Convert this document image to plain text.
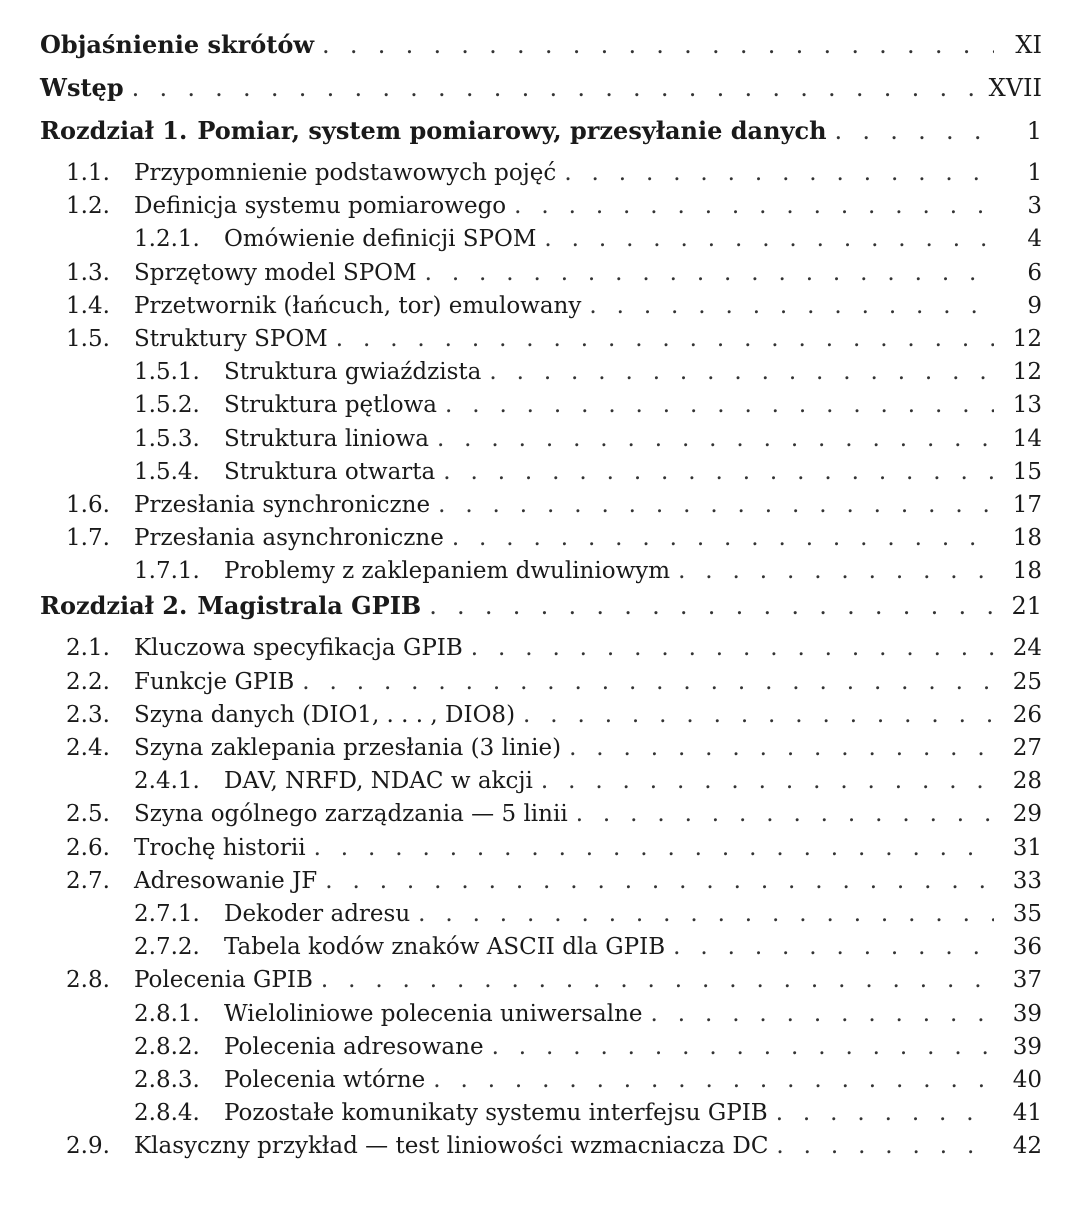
Objaśnienie skrótów . . .	XI
Wstęp . . .	XVII
Rozdział 1. Pomiar, system pomiarowy, przesyłanie danych . . .	1
1.1.	Przypomnienie podstawowych pojęć . . .	1
1.2.	Definicja systemu pomiarowego . . .	3
1.2.1.	Omówienie definicji SPOM . . .	4
1.3.	Sprzętowy model SPOM . . .	6
1.4.	Przetwornik (łańcuch, tor) emulowany . . .	9
1.5.	Struktury SPOM . . .	12
1.5.1.	Struktura gwiaździsta . . .	12
1.5.2.	Struktura pętlowa . . .	13
1.5.3.	Struktura liniowa . . .	14
1.5.4.	Struktura otwarta . . .	15
1.6.	Przesłania synchroniczne . . .	17
1.7.	Przesłania asynchroniczne . . .	18
1.7.1.	Problemy z zaklepaniem dwuliniowym . . .	18
Rozdział 2. Magistrala GPIB . . .	21
2.1.	Kluczowa specyfikacja GPIB . . .	24
2.2.	Funkcje GPIB . . .	25
2.3.	Szyna danych (DIO1, . . . , DIO8) . . .	26
2.4.	Szyna zaklepania przesłania (3 linie) . . .	27
2.4.1.	DAV, NRFD, NDAC w akcji . . .	28
2.5.	Szyna ogólnego zarządzania — 5 linii . . .	29
2.6.	Trochę historii . . .	31
2.7.	Adresowanie JF . . .	33
2.7.1.	Dekoder adresu . . .	35
2.7.2.	Tabela kodów znaków ASCII dla GPIB . . .	36
2.8.	Polecenia GPIB . . .	37
2.8.1.	Wieloliniowe polecenia uniwersalne . . .	39
2.8.2.	Polecenia adresowane . . .	39
2.8.3.	Polecenia wtórne . . .	40
2.8.4.	Pozostałe komunikaty systemu interfejsu GPIB . . .	41
2.9.	Klasyczny przykład — test liniowości wzmacniacza DC . . .	42
